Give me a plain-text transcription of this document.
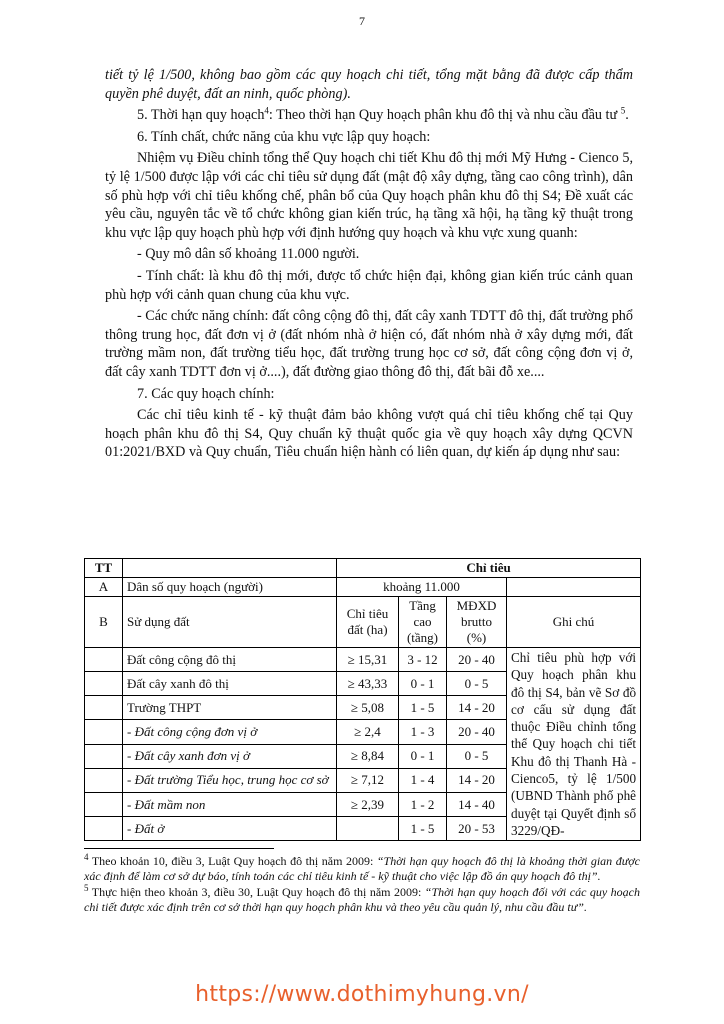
7

tiết tỷ lệ 1/500, không bao gồm các quy hoạch chi tiết, tổng mặt bằng đã được cấp thẩm quyền phê duyệt, đất an ninh, quốc phòng).

5. Thời hạn quy hoạch$^4$: Theo thời hạn Quy hoạch phân khu đô thị và nhu cầu đầu tư $^5$.

6. Tính chất, chức năng của khu vực lập quy hoạch:

Nhiệm vụ Điều chỉnh tổng thể Quy hoạch chi tiết Khu đô thị mới Mỹ Hưng - Cienco 5, tỷ lệ 1/500 được lập với các chỉ tiêu sử dụng đất (mật độ xây dựng, tầng cao công trình), dân số phù hợp với chỉ tiêu khống chế, phân bổ của Quy hoạch phân khu đô thị S4; Đề xuất các yêu cầu, nguyên tắc về tổ chức không gian kiến trúc, hạ tầng xã hội, hạ tầng kỹ thuật trong khu vực lập quy hoạch phù hợp với định hướng quy hoạch và khu vực xung quanh:

- Quy mô dân số khoảng 11.000 người.

- Tính chất: là khu đô thị mới, được tổ chức hiện đại, không gian kiến trúc cảnh quan phù hợp với cảnh quan chung của khu vực.

- Các chức năng chính: đất công cộng đô thị, đất cây xanh TDTT đô thị, đất trường phổ thông trung học, đất đơn vị ở (đất nhóm nhà ở hiện có, đất nhóm nhà ở xây dựng mới, đất trường mầm non, đất trường tiểu học, đất trường trung học cơ sở, đất công cộng đơn vị ở, đất cây xanh TDTT đơn vị ở....), đất đường giao thông đô thị, đất bãi đỗ xe....

7. Các quy hoạch chính:

Các chỉ tiêu kinh tế - kỹ thuật đảm bảo không vượt quá chỉ tiêu khống chế tại Quy hoạch phân khu đô thị S4, Quy chuẩn kỹ thuật quốc gia về quy hoạch xây dựng QCVN 01:2021/BXD và Quy chuẩn, Tiêu chuẩn hiện hành có liên quan, dự kiến áp dụng như sau:

TT		Chỉ tiêu			
A	Dân số quy hoạch (người)	khoảng 11.000			
B	Sử dụng đất	Chỉ tiêu đất (ha)	Tầng cao (tầng)	MĐXD brutto (%)	Ghi chú
	Đất công cộng đô thị	≥ 15,31	3 - 12	20 - 40	Chỉ tiêu phù hợp với Quy hoạch phân khu đô thị S4, bản vẽ Sơ đồ cơ cấu sử dụng đất thuộc Điều chỉnh tổng thể Quy hoạch chi tiết Khu đô thị Thanh Hà - Cienco5, tỷ lệ 1/500 (UBND Thành phố phê duyệt tại Quyết định số 3229/QĐ-
	Đất cây xanh đô thị	≥ 43,33	0 - 1	0 - 5	
	Trường THPT	≥ 5,08	1 - 5	14 - 20	
	- Đất công cộng đơn vị ở	≥ 2,4	1 - 3	20 - 40	
	- Đất cây xanh đơn vị ở	≥ 8,84	0 - 1	0 - 5	
	- Đất trường Tiểu học, trung học cơ sở	≥ 7,12	1 - 4	14 - 20	
	- Đất mầm non	≥ 2,39	1 - 2	14 - 40	
	- Đất ở		1 - 5	20 - 53	

$^4$ Theo khoản 10, điều 3, Luật Quy hoạch đô thị năm 2009: “Thời hạn quy hoạch đô thị là khoảng thời gian được xác định để làm cơ sở dự báo, tính toán các chỉ tiêu kinh tế - kỹ thuật cho việc lập đồ án quy hoạch đô thị”.

$^5$ Thực hiện theo khoản 3, điều 30, Luật Quy hoạch đô thị năm 2009: “Thời hạn quy hoạch đối với các quy hoạch chi tiết được xác định trên cơ sở thời hạn quy hoạch phân khu và theo yêu cầu quản lý, nhu cầu đầu tư”.

https://www.dothimyhung.vn/
